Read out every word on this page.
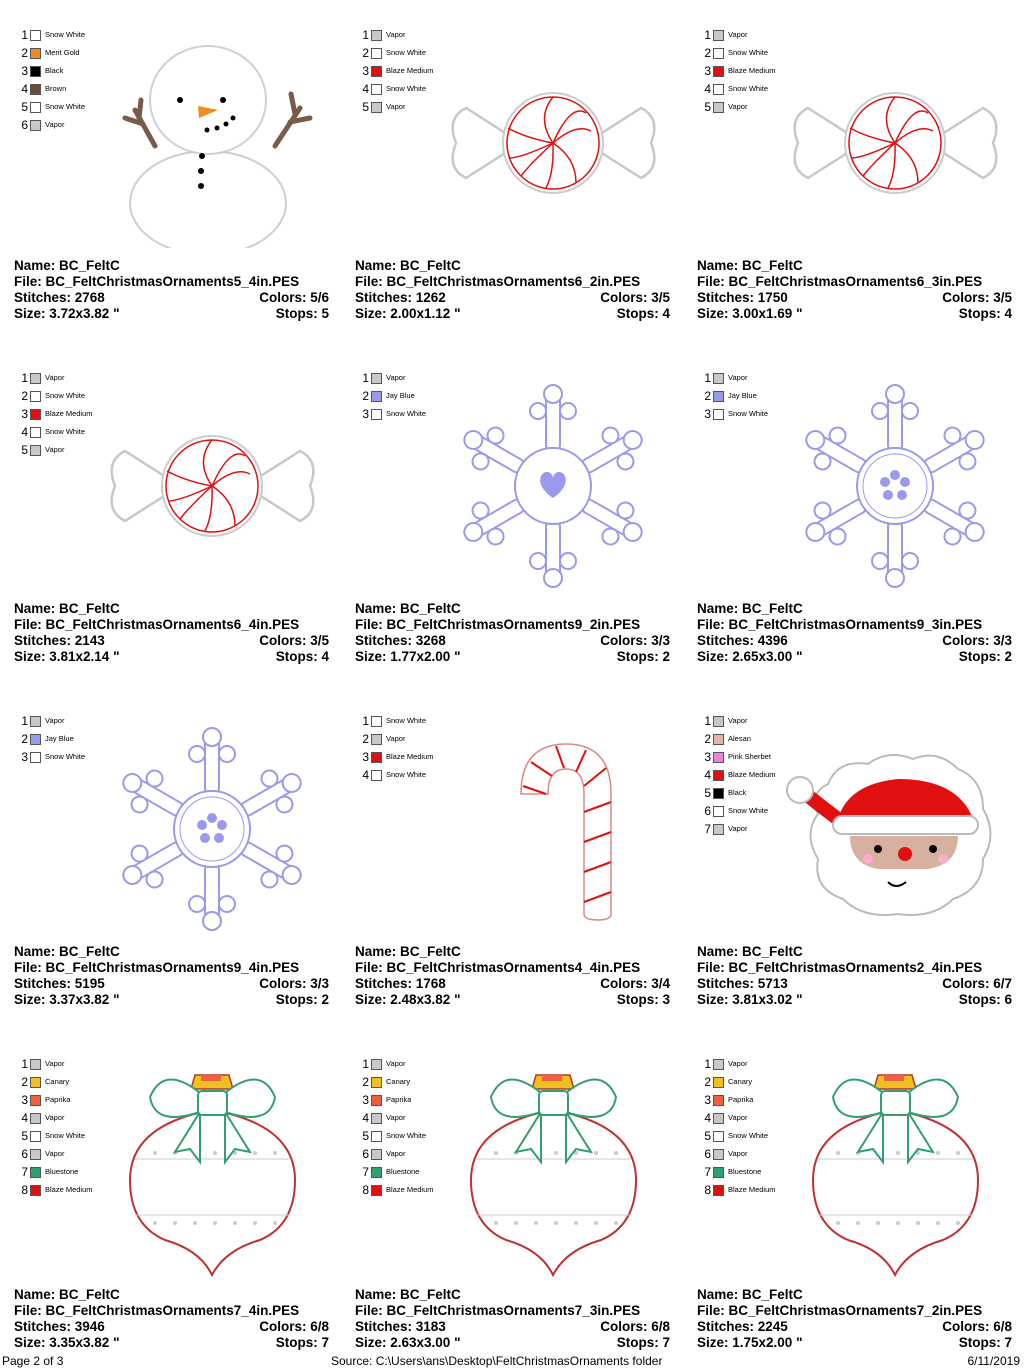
1 Snow White
2 Merit Gold
3 Black
4 Brown
5 Snow White
6 Vapor
Name: BC_FeltC
File: BC_FeltChristmasOrnaments5_4in.PES
Stitches: 2768	Colors: 5/6
Size: 3.72x3.82 "	Stops: 5
1 Vapor
2 Snow White
3 Blaze Medium
4 Snow White
5 Vapor
Name: BC_FeltC
File: BC_FeltChristmasOrnaments6_2in.PES
Stitches: 1262	Colors: 3/5
Size: 2.00x1.12 "	Stops: 4
1 Vapor
2 Snow White
3 Blaze Medium
4 Snow White
5 Vapor
Name: BC_FeltC
File: BC_FeltChristmasOrnaments6_3in.PES
Stitches: 1750	Colors: 3/5
Size: 3.00x1.69 "	Stops: 4
1 Vapor
2 Snow White
3 Blaze Medium
4 Snow White
5 Vapor
Name: BC_FeltC
File: BC_FeltChristmasOrnaments6_4in.PES
Stitches: 2143	Colors: 3/5
Size: 3.81x2.14 "	Stops: 4
1 Vapor
2 Jay Blue
3 Snow White
Name: BC_FeltC
File: BC_FeltChristmasOrnaments9_2in.PES
Stitches: 3268	Colors: 3/3
Size: 1.77x2.00 "	Stops: 2
1 Vapor
2 Jay Blue
3 Snow White
Name: BC_FeltC
File: BC_FeltChristmasOrnaments9_3in.PES
Stitches: 4396	Colors: 3/3
Size: 2.65x3.00 "	Stops: 2
1 Vapor
2 Jay Blue
3 Snow White
Name: BC_FeltC
File: BC_FeltChristmasOrnaments9_4in.PES
Stitches: 5195	Colors: 3/3
Size: 3.37x3.82 "	Stops: 2
1 Snow White
2 Vapor
3 Blaze Medium
4 Snow White
Name: BC_FeltC
File: BC_FeltChristmasOrnaments4_4in.PES
Stitches: 1768	Colors: 3/4
Size: 2.48x3.82 "	Stops: 3
1 Vapor
2 Alesan
3 Pink Sherbet
4 Blaze Medium
5 Black
6 Snow White
7 Vapor
Name: BC_FeltC
File: BC_FeltChristmasOrnaments2_4in.PES
Stitches: 5713	Colors: 6/7
Size: 3.81x3.02 "	Stops: 6
1 Vapor
2 Canary
3 Paprika
4 Vapor
5 Snow White
6 Vapor
7 Bluestone
8 Blaze Medium
Name: BC_FeltC
File: BC_FeltChristmasOrnaments7_4in.PES
Stitches: 3946	Colors: 6/8
Size: 3.35x3.82 "	Stops: 7
1 Vapor
2 Canary
3 Paprika
4 Vapor
5 Snow White
6 Vapor
7 Bluestone
8 Blaze Medium
Name: BC_FeltC
File: BC_FeltChristmasOrnaments7_3in.PES
Stitches: 3183	Colors: 6/8
Size: 2.63x3.00 "	Stops: 7
1 Vapor
2 Canary
3 Paprika
4 Vapor
5 Snow White
6 Vapor
7 Bluestone
8 Blaze Medium
Name: BC_FeltC
File: BC_FeltChristmasOrnaments7_2in.PES
Stitches: 2245	Colors: 6/8
Size: 1.75x2.00 "	Stops: 7
Page 2 of 3	Source: C:\Users\ans\Desktop\FeltChristmasOrnaments folder	6/11/2019
